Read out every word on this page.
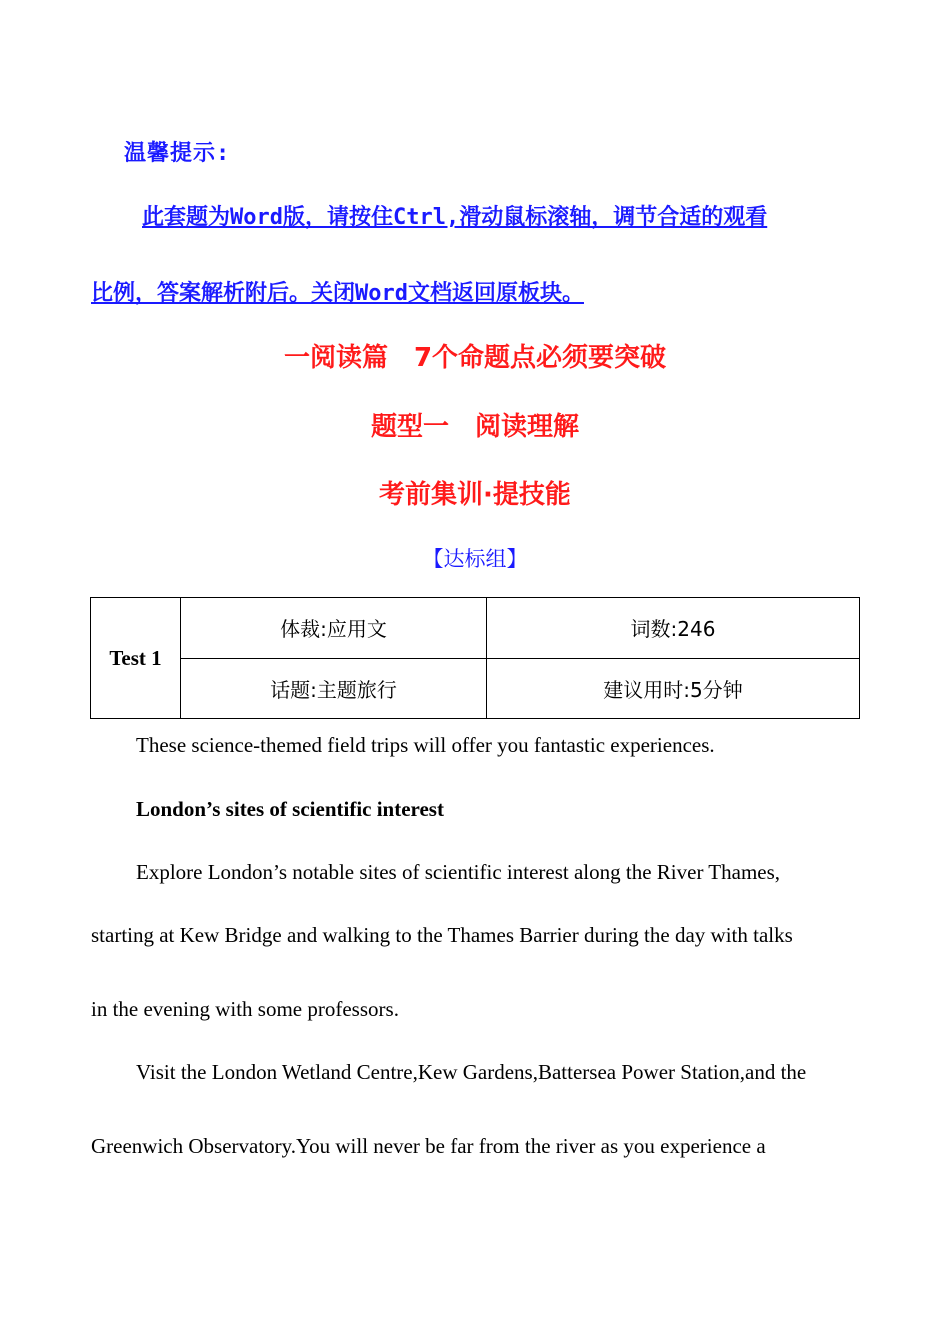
温馨提示:
此套题为Word版，请按住Ctrl,滑动鼠标滚轴，调节合适的观看
比例，答案解析附后。关闭Word文档返回原板块。
一阅读篇　7个命题点必须要突破
题型一　阅读理解
考前集训·提技能
【达标组】
Test 1	体裁:应用文	词数:246
	话题:主题旅行	建议用时:5分钟
These science-themed field trips will offer you fantastic experiences.
London’s sites of scientific interest
Explore London’s notable sites of scientific interest along the River Thames,
starting at Kew Bridge and walking to the Thames Barrier during the day with talks
in the evening with some professors.
Visit the London Wetland Centre,Kew Gardens,Battersea Power Station,and the
Greenwich Observatory.You will never be far from the river as you experience a
